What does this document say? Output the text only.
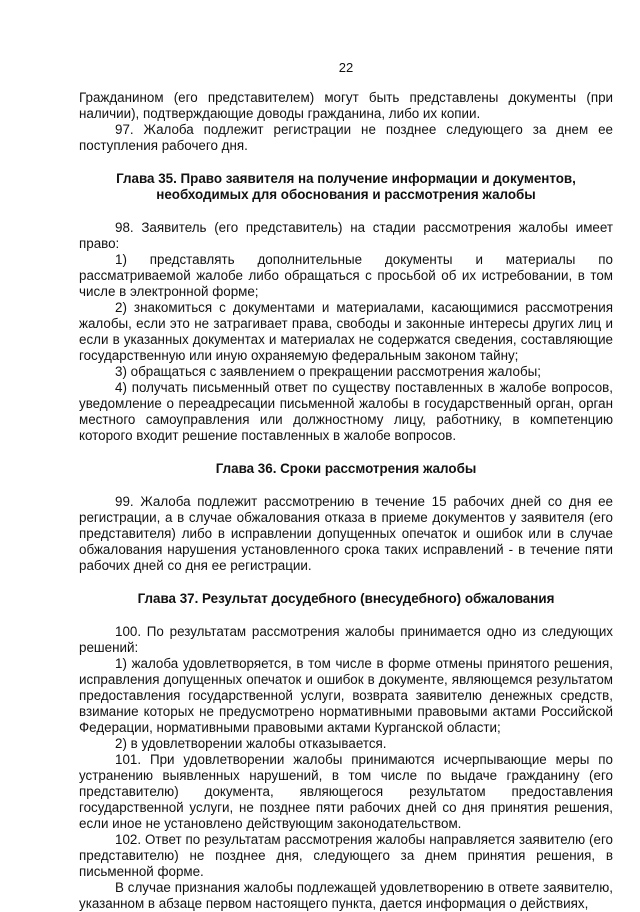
22

Гражданином (его представителем) могут быть представлены документы (при наличии), подтверждающие доводы гражданина, либо их копии.

97. Жалоба подлежит регистрации не позднее следующего за днем ее поступления рабочего дня.

Глава 35. Право заявителя на получение информации и документов, необходимых для обоснования и рассмотрения жалобы

98. Заявитель (его представитель) на стадии рассмотрения жалобы имеет право:

1) представлять дополнительные документы и материалы по рассматриваемой жалобе либо обращаться с просьбой об их истребовании, в том числе в электронной форме;

2) знакомиться с документами и материалами, касающимися рассмотрения жалобы, если это не затрагивает права, свободы и законные интересы других лиц и если в указанных документах и материалах не содержатся сведения, составляющие государственную или иную охраняемую федеральным законом тайну;

3) обращаться с заявлением о прекращении рассмотрения жалобы;

4) получать письменный ответ по существу поставленных в жалобе вопросов, уведомление о переадресации письменной жалобы в государственный орган, орган местного самоуправления или должностному лицу, работнику, в компетенцию которого входит решение поставленных в жалобе вопросов.

Глава 36. Сроки рассмотрения жалобы

99. Жалоба подлежит рассмотрению в течение 15 рабочих дней со дня ее регистрации, а в случае обжалования отказа в приеме документов у заявителя (его представителя) либо в исправлении допущенных опечаток и ошибок или в случае обжалования нарушения установленного срока таких исправлений - в течение пяти рабочих дней со дня ее регистрации.

Глава 37. Результат досудебного (внесудебного) обжалования

100. По результатам рассмотрения жалобы принимается одно из следующих решений:

1) жалоба удовлетворяется, в том числе в форме отмены принятого решения, исправления допущенных опечаток и ошибок в документе, являющемся результатом предоставления государственной услуги, возврата заявителю денежных средств, взимание которых не предусмотрено нормативными правовыми актами Российской Федерации, нормативными правовыми актами Курганской области;

2) в удовлетворении жалобы отказывается.

101. При удовлетворении жалобы принимаются исчерпывающие меры по устранению выявленных нарушений, в том числе по выдаче гражданину (его представителю) документа, являющегося результатом предоставления государственной услуги, не позднее пяти рабочих дней со дня принятия решения, если иное не установлено действующим законодательством.

102. Ответ по результатам рассмотрения жалобы направляется заявителю (его представителю) не позднее дня, следующего за днем принятия решения, в письменной форме.

В случае признания жалобы подлежащей удовлетворению в ответе заявителю, указанном в абзаце первом настоящего пункта, дается информация о действиях,
